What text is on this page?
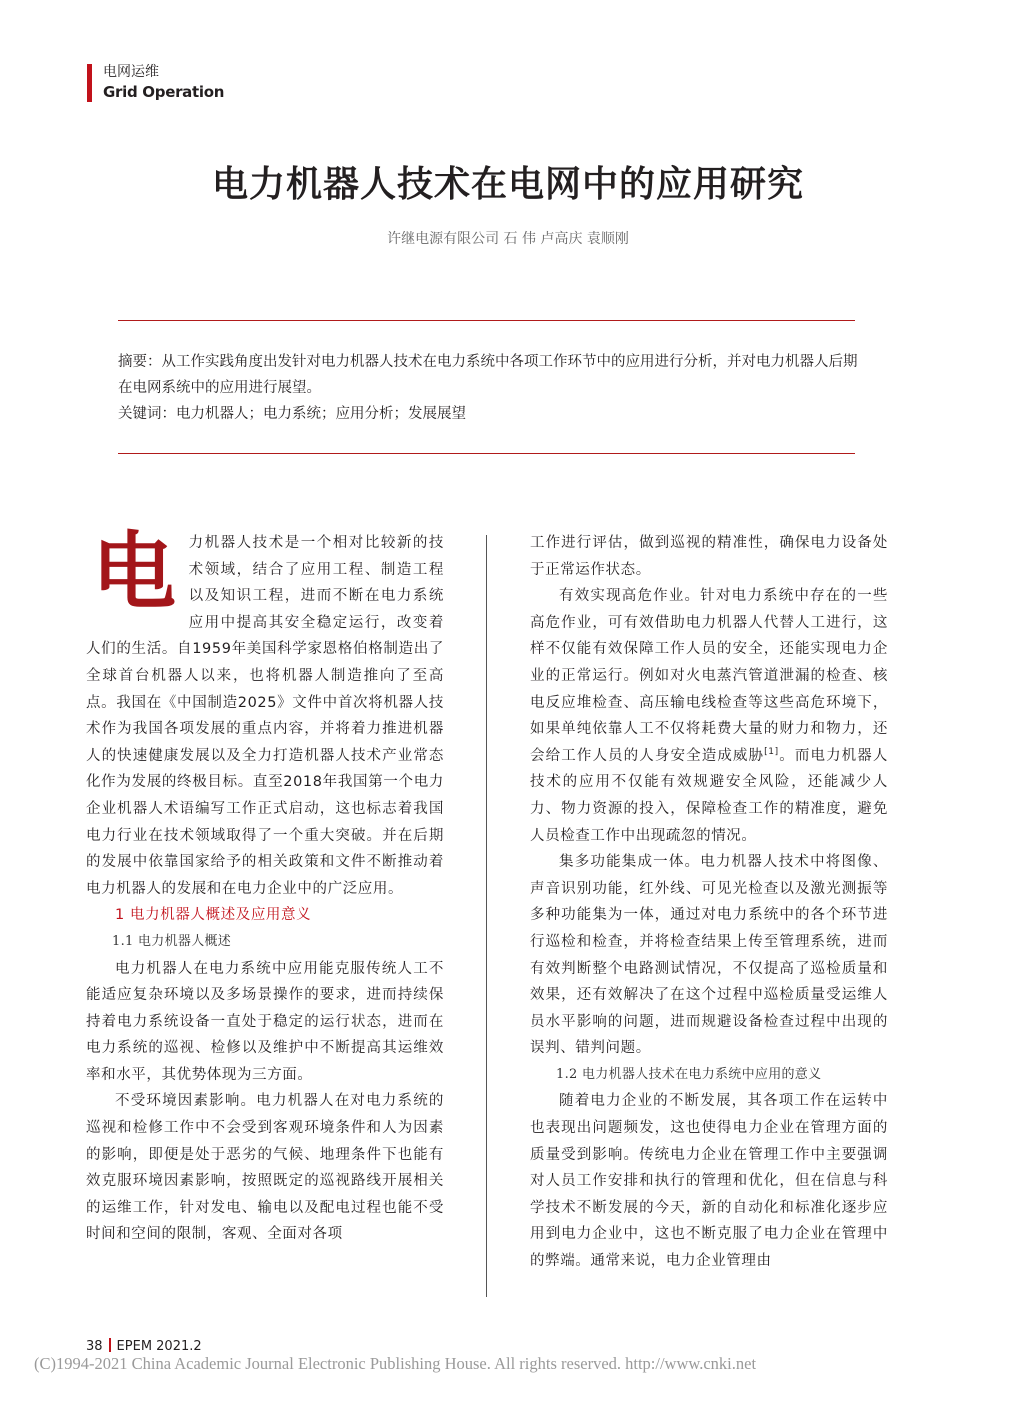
电网运维
Grid Operation
电力机器人技术在电网中的应用研究
许继电源有限公司 石 伟 卢高庆 袁顺刚
摘要：从工作实践角度出发针对电力机器人技术在电力系统中各项工作环节中的应用进行分析，并对电力机器人后期在电网系统中的应用进行展望。
关键词：电力机器人；电力系统；应用分析；发展展望

电 力机器人技术是一个相对比较新的技术领域，结合了应用工程、制造工程以及知识工程，进而不断在电力系统应用中提高其安全稳定运行，改变着人们的生活。自1959年美国科学家恩格伯格制造出了全球首台机器人以来，也将机器人制造推向了至高点。我国在《中国制造2025》文件中首次将机器人技术作为我国各项发展的重点内容，并将着力推进机器人的快速健康发展以及全力打造机器人技术产业常态化作为发展的终极目标。直至2018年我国第一个电力企业机器人术语编写工作正式启动，这也标志着我国电力行业在技术领域取得了一个重大突破。并在后期的发展中依靠国家给予的相关政策和文件不断推动着电力机器人的发展和在电力企业中的广泛应用。

1 电力机器人概述及应用意义

1.1 电力机器人概述

电力机器人在电力系统中应用能克服传统人工不能适应复杂环境以及多场景操作的要求，进而持续保持着电力系统设备一直处于稳定的运行状态，进而在电力系统的巡视、检修以及维护中不断提高其运维效率和水平，其优势体现为三方面。

不受环境因素影响。电力机器人在对电力系统的巡视和检修工作中不会受到客观环境条件和人为因素的影响，即便是处于恶劣的气候、地理条件下也能有效克服环境因素影响，按照既定的巡视路线开展相关的运维工作，针对发电、输电以及配电过程也能不受时间和空间的限制，客观、全面对各项

工作进行评估，做到巡视的精准性，确保电力设备处于正常运作状态。

有效实现高危作业。针对电力系统中存在的一些高危作业，可有效借助电力机器人代替人工进行，这样不仅能有效保障工作人员的安全，还能实现电力企业的正常运行。例如对火电蒸汽管道泄漏的检查、核电反应堆检查、高压输电线检查等这些高危环境下，如果单纯依靠人工不仅将耗费大量的财力和物力，还会给工作人员的人身安全造成威胁[1]。而电力机器人技术的应用不仅能有效规避安全风险，还能减少人力、物力资源的投入，保障检查工作的精准度，避免人员检查工作中出现疏忽的情况。

集多功能集成一体。电力机器人技术中将图像、声音识别功能，红外线、可见光检查以及激光测振等多种功能集为一体，通过对电力系统中的各个环节进行巡检和检查，并将检查结果上传至管理系统，进而有效判断整个电路测试情况，不仅提高了巡检质量和效果，还有效解决了在这个过程中巡检质量受运维人员水平影响的问题，进而规避设备检查过程中出现的误判、错判问题。

1.2 电力机器人技术在电力系统中应用的意义

随着电力企业的不断发展，其各项工作在运转中也表现出问题频发，这也使得电力企业在管理方面的质量受到影响。传统电力企业在管理工作中主要强调对人员工作安排和执行的管理和优化，但在信息与科学技术不断发展的今天，新的自动化和标准化逐步应用到电力企业中，这也不断克服了电力企业在管理中的弊端。通常来说，电力企业管理由

38 EPEM 2021.2
(C)1994-2021 China Academic Journal Electronic Publishing House. All rights reserved. http://www.cnki.net
